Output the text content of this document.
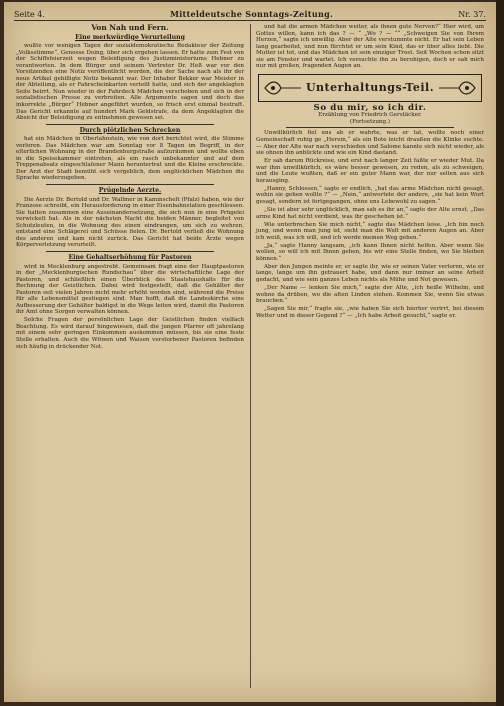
Seite 4.	Mitteldeutsche Sonntags-Zeitung.	Nr. 37.
Von Nah und Fern.
Eine merkwürdige Verurteilung

wußte vor wenigen Tagen der sozialdemokratische Redakteur der Zeitung „Volksstimme“, Genosse Doing, über sich ergehen lassen. Er hatte zum Fest von der Schiffsfeierzeit wegen Beleidigung des Justizministeriums Hebner zu verantworten. In dem Bürger und seinem Vertreter Dr. Heß war vor den Vorsitzenden eine Notiz veröffentlicht worden, die der Sache nach als ihr der neue Artikel gebilligte Notiz bekannt war. Der Inhaber Bekker war Meister in der Abteilung, als er Fahrscheinkarten verteilt hatte, und sich der angeklagten Seite beirrt. Nun wieder in der Fahrdeck Mädchen verschoben und sich in der sozialistischen Presse zu verbreiten. Alle Argumente sagen und doch das inkorrekte „Bürger“ Hebner angeführt wurden, so frisch erst einmal bestraft. Das Gericht erkannte auf hundert Mark Geldstrafe, da dem Angeklagten die Absicht der Beleidigung zu entnehmen gewesen sei.

Durch plötzlichen Schrecken

hat ein Mädchen in Oberlahnstein, wie von dort berichtet wird, die Stimme verloren. Das Mädchen war am Sonntag vor 8 Tagen im Begriff, in der elterlichen Wohnung in der Brandenburgstraße aufzuräumen und wollte eben in die Speisekammer eintreten, als ein rasch unbekannter und auf dem Treppenabsatz eingeschlafener Mann heruntertrat und die Kleine erschreckte. Der Arzt der Stadt bemüht sich vergeblich, dem unglücklichen Mädchen die Sprache wiederzugeben.

Prügelnde Aerzte.

Die Aerzte Dr. Bertold und Dr. Wallmer in Kaminschelt (Pfalz) haben, wie der Franzose schreibt, ein Herausforderung in einer Eisenbahnstation geschlossen. Sie hatten zusammen eine Auseinandersetzung, die sich nun in eine Prügelei verwickelt hat. Als in der nächsten Nacht die beiden Männer, begleitet von Schutzleuten, in die Wohnung des einen eindrangen, um sich zu wehren, entstand eine Schlägerei und Schüsse fielen. Dr. Bertold verließ die Wohnung des anderen und kam nicht zurück. Das Gericht hat beide Ärzte wegen Körperverletzung verurteilt.

Eine Gehaltserhöhung für Pastoren

wird in Mecklenburg angestrebt. Gemeinsam fragt eine der Hauptpastoren in der „Mecklenburgischen Rundschau“ über die wirtschaftliche Lage der Pastoren, und schließlich einen Überblick des Staatshaushalts für die Rechnung der Geistlichen. Dabei wird festgestellt, daß die Gehälter der Pastoren seit vielen Jahren nicht mehr erhöht worden sind, während die Preise für alle Lebensmittel gestiegen sind. Man hofft, daß die Landeskirche eine Aufbesserung der Gehälter baldigst in die Wege leiten wird, damit die Pastoren ihr Amt ohne Sorgen verwalten können.

Solche Fragen der persönlichen Lage der Geistlichen finden vielfach Beachtung. Es wird darauf hingewiesen, daß die jungen Pfarrer oft jahrelang mit einem sehr geringen Einkommen auskommen müssen, bis sie eine feste Stelle erhalten. Auch die Witwen und Waisen verstorbener Pastoren befinden sich häufig in drückender Not.

und hat die armen Mädchen weiter, als ihnen gute Nerven?“ Hier wird, um Gottes willen, kann ich das ? — “ „Wo ? — ““ „Schweigen Sie von Ihrem Herzen,“ sagte ich unwillig. Aber der Alte verstummte nicht. Er hat sein Leben lang gearbeitet, und nun fürchtet er um sein Kind, das er über alles liebt. Die Mutter ist tot, und das Mädchen ist sein einziger Trost. Seit Wochen schon sitzt sie am Fenster und wartet. Ich versuchte ihn zu beruhigen, doch er sah mich nur mit großen, fragenden Augen an.

Unterhaltungs-Teil.
So du mir, so ich dir.
Erzählung von Friedrich Gerstäcker.
(Fortsetzung.)

Unwillkürlich fiel uns ab er wahrte, was er tat, wollte noch einer Gemeinschaft ruhig ge „Herein,“ als ein Bote leicht draußen die Klinke suchte. — Aber der Alte war nach verschieden und Salome kannte sich nicht wieder, als sie ohnen ihn anblickte und wie ein Kind dastand.

Er sah darum Rückreise, und erst nach langer Zeit faßte er wieder Mut. Da war ihm unwillkürlich, es wäre besser gewesen, zu reden, als zu schweigen, und die Leute wußten, daß er ein guter Mann war, der nur selten aus sich herausging.

„Hanny, Schlossen,“ sagte er endlich, „hat das arme Mädchen nicht gesagt, wohin sie gehen wollte ?“ — „Nein,“ antwortete der andere, „sie hat kein Wort gesagt, sondern ist fortgegangen, ohne uns Lebewohl zu sagen.“

„Sie ist aber sehr unglücklich, man sah es ihr an,“ sagte der Alte ernst. „Das arme Kind hat nicht verdient, was ihr geschehen ist.“

Wie unterbrechen Sie mich nicht,“ sagte das Mädchen leise. „Ich bin noch jung, und wenn man jung ist, sieht man die Welt mit anderen Augen an. Aber ich weiß, was ich will, und ich werde meinen Weg gehen.“

„Ja,“ sagte Hanny langsam, „ich kann Ihnen nicht helfen. Aber wenn Sie wollen, so will ich mit Ihnen gehen, bis wir eine Stelle finden, wo Sie bleiben können.“

Aber den Jungen meinte er, er sagte ihr, wie er seinen Vater verloren, wie er lange, lange um ihn getrauert habe, und dann nur immer an seine Arbeit gedacht, und wie sein ganzes Leben nichts als Mühe und Not gewesen.

„Der Name — lenken Sie mich,“ sagte der Alte, „ich heiße Wilhelm, und wohne da drüben, wo die alten Linden stehen. Kommen Sie, wenn Sie etwas brauchen.“

„Sagen Sie mir,“ fragte sie, „wie haben Sie sich hierher verirrt, bei diesem Wetter und in dieser Gegend ?“ — „Ich habe Arbeit gesucht,“ sagte er.
